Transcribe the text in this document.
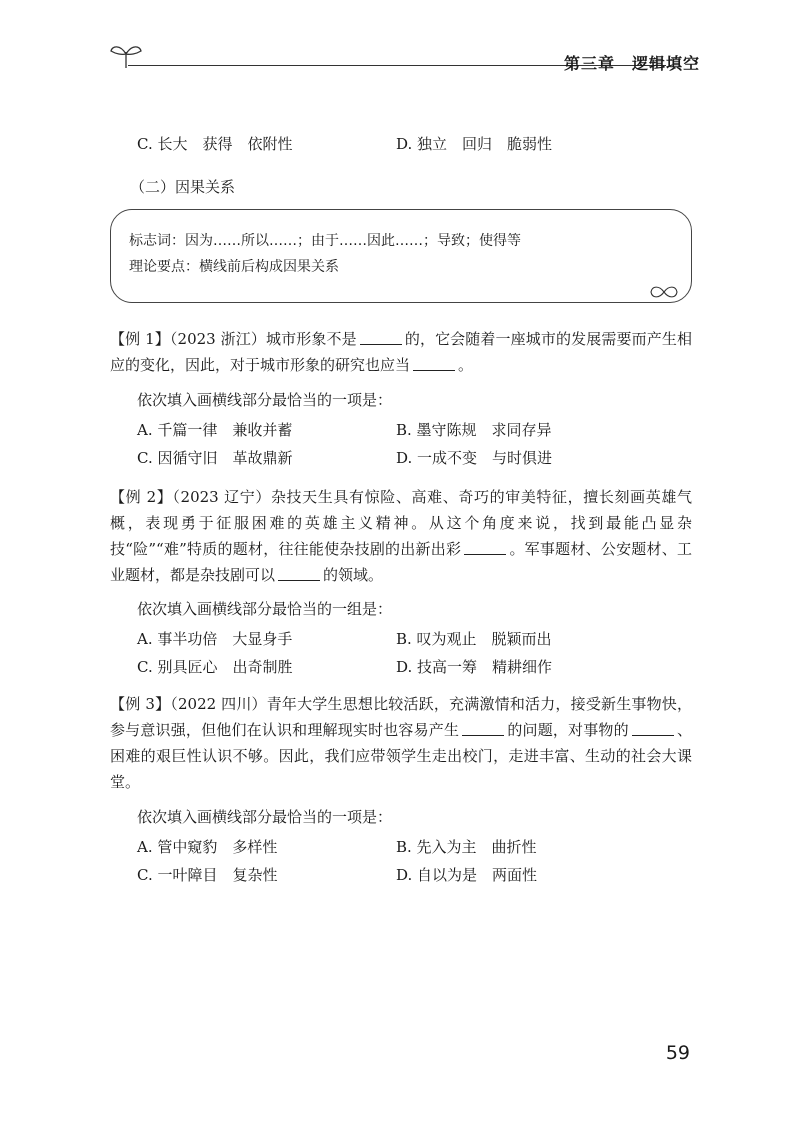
第三章　逻辑填空
C. 长大　获得　依附性	D. 独立　回归　脆弱性
（二）因果关系
标志词：因为……所以……；由于……因此……；导致；使得等
理论要点：横线前后构成因果关系
【例 1】（2023 浙江）城市形象不是	的，它会随着一座城市的发展需要而产生相应的变化，因此，对于城市形象的研究也应当	。
依次填入画横线部分最恰当的一项是：
A. 千篇一律　兼收并蓄	B. 墨守陈规　求同存异
C. 因循守旧　革故鼎新	D. 一成不变　与时俱进
【例 2】（2023 辽宁）杂技天生具有惊险、高难、奇巧的审美特征，擅长刻画英雄气概，表现勇于征服困难的英雄主义精神。从这个角度来说，找到最能凸显杂技“险”“难”特质的题材，往往能使杂技剧的出新出彩	。军事题材、公安题材、工业题材，都是杂技剧可以	的领域。
依次填入画横线部分最恰当的一组是：
A. 事半功倍　大显身手	B. 叹为观止　脱颖而出
C. 别具匠心　出奇制胜	D. 技高一筹　精耕细作
【例 3】（2022 四川）青年大学生思想比较活跃，充满激情和活力，接受新生事物快，参与意识强，但他们在认识和理解现实时也容易产生	的问题，对事物的	、困难的艰巨性认识不够。因此，我们应带领学生走出校门，走进丰富、生动的社会大课堂。
依次填入画横线部分最恰当的一项是：
A. 管中窥豹　多样性	B. 先入为主　曲折性
C. 一叶障目　复杂性	D. 自以为是　两面性
59
